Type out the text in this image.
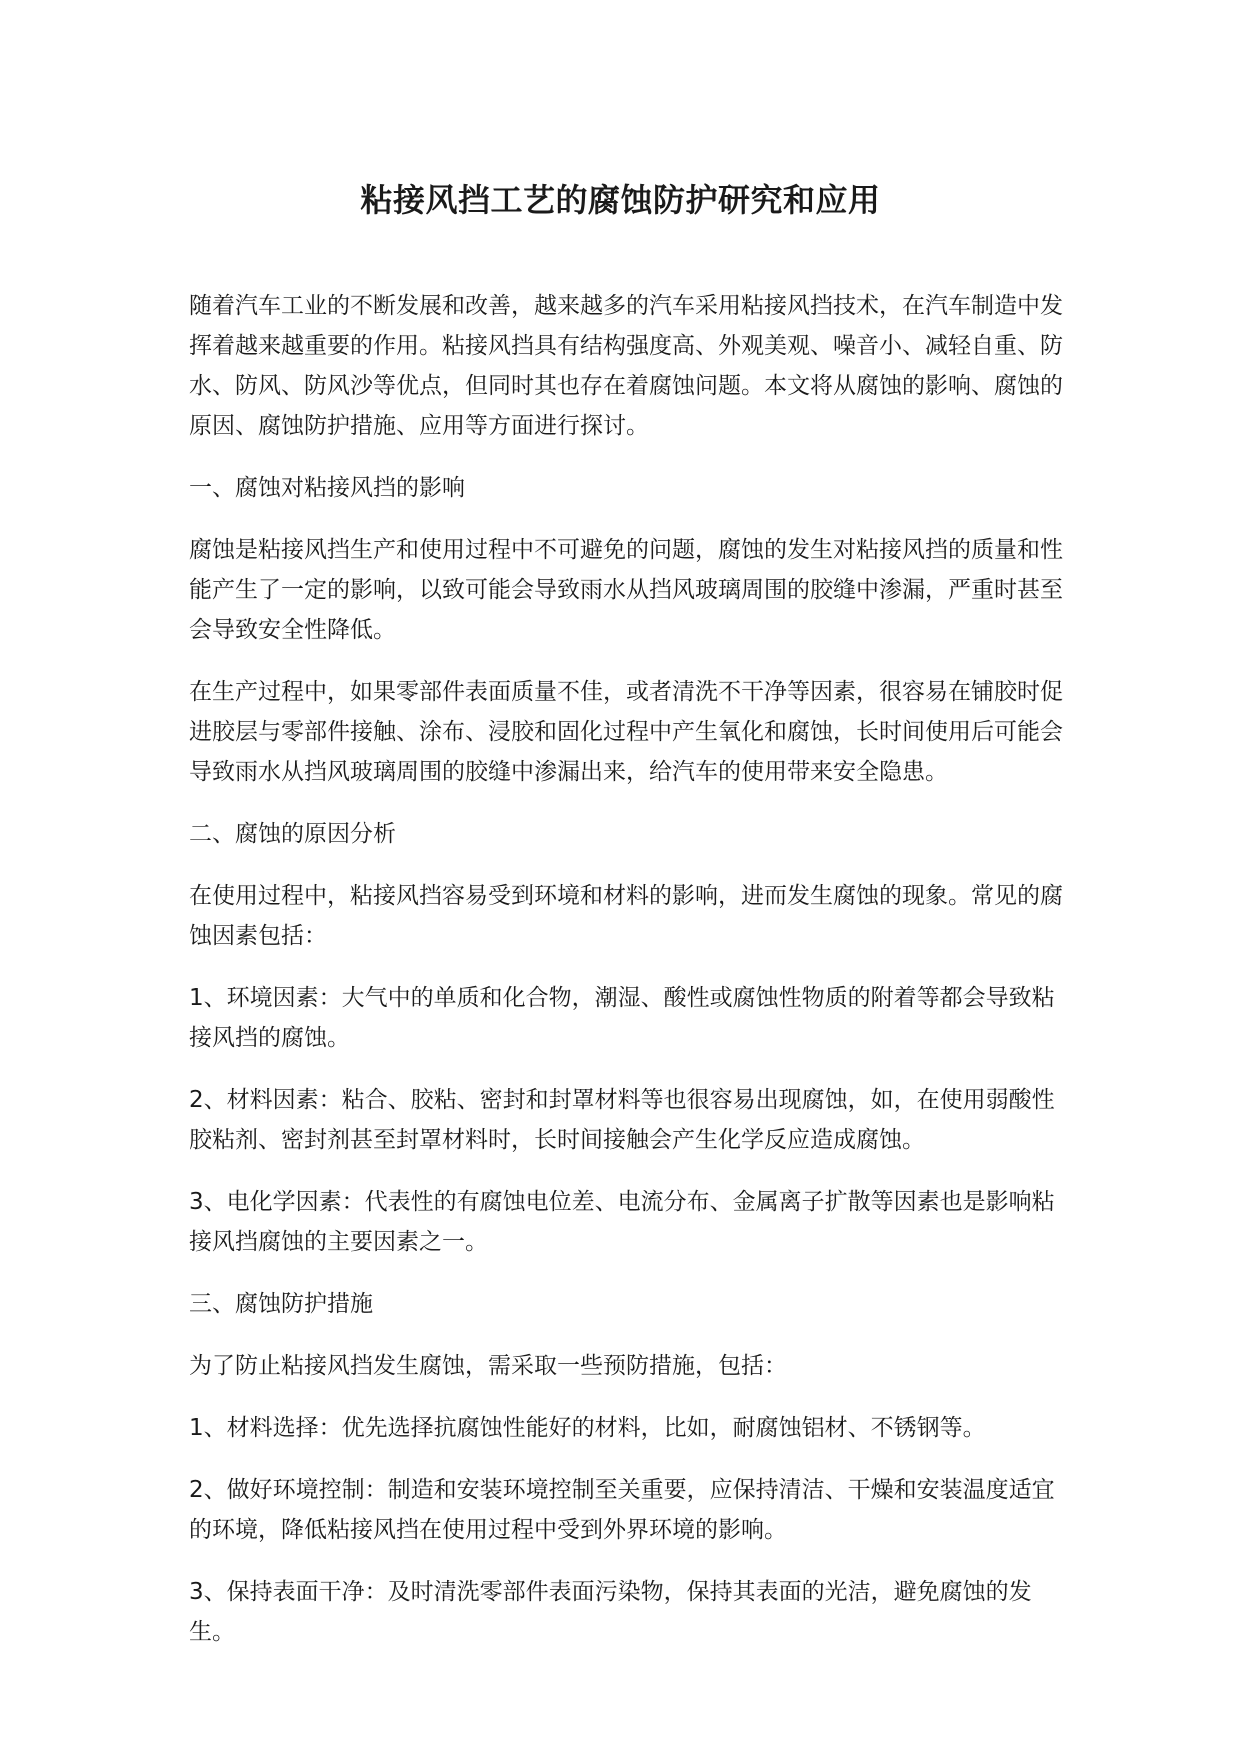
粘接风挡工艺的腐蚀防护研究和应用

随着汽车工业的不断发展和改善，越来越多的汽车采用粘接风挡技术，在汽车制造中发挥着越来越重要的作用。粘接风挡具有结构强度高、外观美观、噪音小、减轻自重、防水、防风、防风沙等优点，但同时其也存在着腐蚀问题。本文将从腐蚀的影响、腐蚀的原因、腐蚀防护措施、应用等方面进行探讨。

一、腐蚀对粘接风挡的影响

腐蚀是粘接风挡生产和使用过程中不可避免的问题，腐蚀的发生对粘接风挡的质量和性能产生了一定的影响，以致可能会导致雨水从挡风玻璃周围的胶缝中渗漏，严重时甚至会导致安全性降低。

在生产过程中，如果零部件表面质量不佳，或者清洗不干净等因素，很容易在铺胶时促进胶层与零部件接触、涂布、浸胶和固化过程中产生氧化和腐蚀，长时间使用后可能会导致雨水从挡风玻璃周围的胶缝中渗漏出来，给汽车的使用带来安全隐患。

二、腐蚀的原因分析

在使用过程中，粘接风挡容易受到环境和材料的影响，进而发生腐蚀的现象。常见的腐蚀因素包括：

1、环境因素：大气中的单质和化合物，潮湿、酸性或腐蚀性物质的附着等都会导致粘接风挡的腐蚀。

2、材料因素：粘合、胶粘、密封和封罩材料等也很容易出现腐蚀，如，在使用弱酸性胶粘剂、密封剂甚至封罩材料时，长时间接触会产生化学反应造成腐蚀。

3、电化学因素：代表性的有腐蚀电位差、电流分布、金属离子扩散等因素也是影响粘接风挡腐蚀的主要因素之一。

三、腐蚀防护措施

为了防止粘接风挡发生腐蚀，需采取一些预防措施，包括：

1、材料选择：优先选择抗腐蚀性能好的材料，比如，耐腐蚀铝材、不锈钢等。

2、做好环境控制：制造和安装环境控制至关重要，应保持清洁、干燥和安装温度适宜的环境，降低粘接风挡在使用过程中受到外界环境的影响。

3、保持表面干净：及时清洗零部件表面污染物，保持其表面的光洁，避免腐蚀的发生。
